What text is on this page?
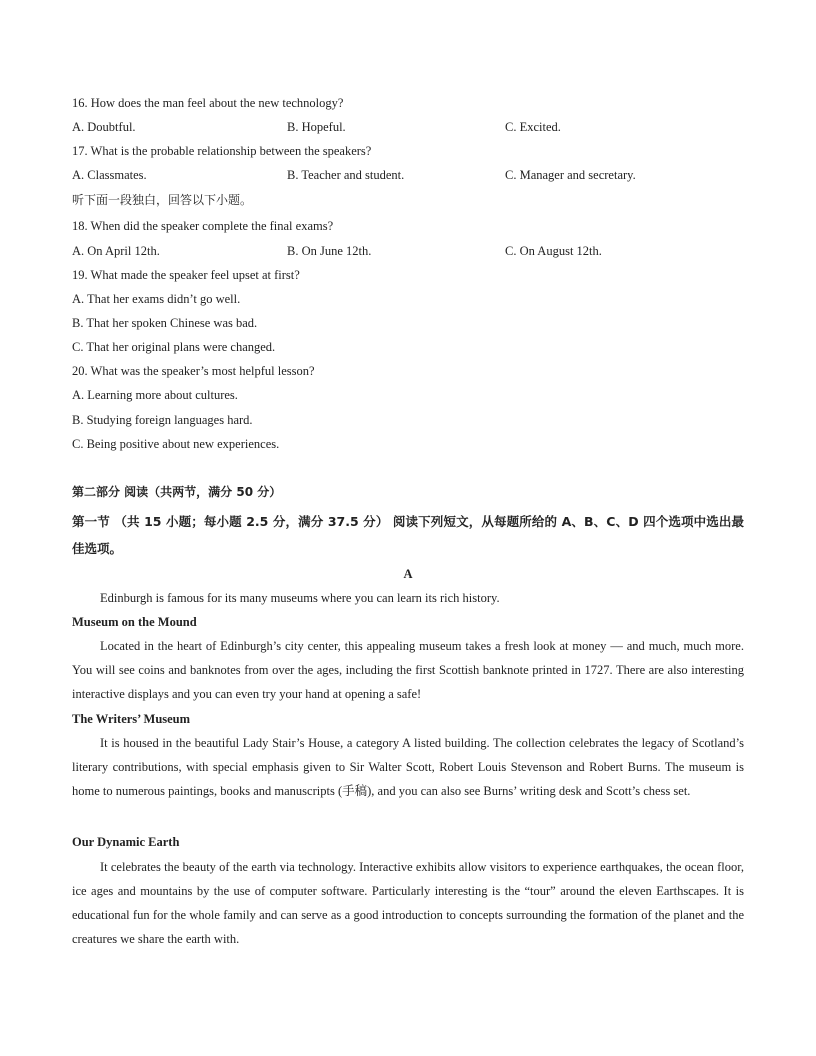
16. How does the man feel about the new technology?
A. Doubtful.	B. Hopeful.	C. Excited.
17. What is the probable relationship between the speakers?
A. Classmates.	B. Teacher and student.	C. Manager and secretary.
听下面一段独白，回答以下小题。
18. When did the speaker complete the final exams?
A. On April 12th.	B. On June 12th.	C. On August 12th.
19. What made the speaker feel upset at first?
A. That her exams didn’t go well.
B. That her spoken Chinese was bad.
C. That her original plans were changed.
20. What was the speaker’s most helpful lesson?
A. Learning more about cultures.
B. Studying foreign languages hard.
C. Being positive about new experiences.
第二部分 阅读（共两节，满分 50 分）
第一节 （共 15 小题；每小题 2.5 分，满分 37.5 分） 阅读下列短文，从每题所给的 A、B、C、D 四个选项中选出最佳选项。
A
Edinburgh is famous for its many museums where you can learn its rich history.
Museum on the Mound
Located in the heart of Edinburgh’s city center, this appealing museum takes a fresh look at money — and much, much more. You will see coins and banknotes from over the ages, including the first Scottish banknote printed in 1727. There are also interesting interactive displays and you can even try your hand at opening a safe!
The Writers’ Museum
It is housed in the beautiful Lady Stair’s House, a category A listed building. The collection celebrates the legacy of Scotland’s literary contributions, with special emphasis given to Sir Walter Scott, Robert Louis Stevenson and Robert Burns. The museum is home to numerous paintings, books and manuscripts (手稿), and you can also see Burns’ writing desk and Scott’s chess set.
Our Dynamic Earth
It celebrates the beauty of the earth via technology. Interactive exhibits allow visitors to experience earthquakes, the ocean floor, ice ages and mountains by the use of computer software. Particularly interesting is the “tour” around the eleven Earthscapes. It is educational fun for the whole family and can serve as a good introduction to concepts surrounding the formation of the planet and the creatures we share the earth with.
